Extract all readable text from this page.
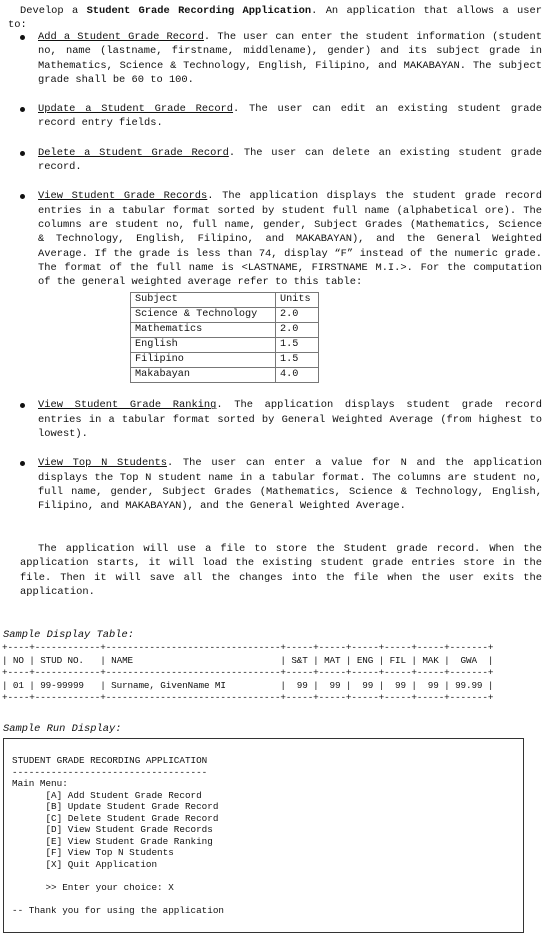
Develop a Student Grade Recording Application. An application that allows a user to:
Add a Student Grade Record. The user can enter the student information (student no, name (lastname, firstname, middlename), gender) and its subject grade in Mathematics, Science & Technology, English, Filipino, and MAKABAYAN. The subject grade shall be 60 to 100.
Update a Student Grade Record. The user can edit an existing student grade record entry fields.
Delete a Student Grade Record. The user can delete an existing student grade record.
View Student Grade Records. The application displays the student grade record entries in a tabular format sorted by student full name (alphabetical ore). The columns are student no, full name, gender, Subject Grades (Mathematics, Science & Technology, English, Filipino, and MAKABAYAN), and the General Weighted Average. If the grade is less than 74, display “F” instead of the numeric grade. The format of the full name is <LASTNAME, FIRSTNAME M.I.>. For the computation of the general weighted average refer to this table:
Subject	Units
Science & Technology	2.0
Mathematics	2.0
English	1.5
Filipino	1.5
Makabayan	4.0
View Student Grade Ranking. The application displays student grade record entries in a tabular format sorted by General Weighted Average (from highest to lowest).
View Top N Students. The user can enter a value for N and the application displays the Top N student name in a tabular format. The columns are student no, full name, gender, Subject Grades (Mathematics, Science & Technology, English, Filipino, and MAKABAYAN), and the General Weighted Average.
The application will use a file to store the Student grade record. When the application starts, it will load the existing student grade entries store in the file. Then it will save all the changes into the file when the user exits the application.
Sample Display Table:
+----+------------+--------------------------------+-----+-----+-----+-----+-----+-------+
| NO | STUD NO.   | NAME                           | S&T | MAT | ENG | FIL | MAK |  GWA  |
+----+------------+--------------------------------+-----+-----+-----+-----+-----+-------+
| 01 | 99-99999   | Surname, GivenName MI          |  99 |  99 |  99 |  99 |  99 | 99.99 |
+----+------------+--------------------------------+-----+-----+-----+-----+-----+-------+
Sample Run Display:
STUDENT GRADE RECORDING APPLICATION
-----------------------------------
Main Menu:
[A] Add Student Grade Record
[B] Update Student Grade Record
[C] Delete Student Grade Record
[D] View Student Grade Records
[E] View Student Grade Ranking
[F] View Top N Students
[X] Quit Application

>> Enter your choice: X

-- Thank you for using the application
